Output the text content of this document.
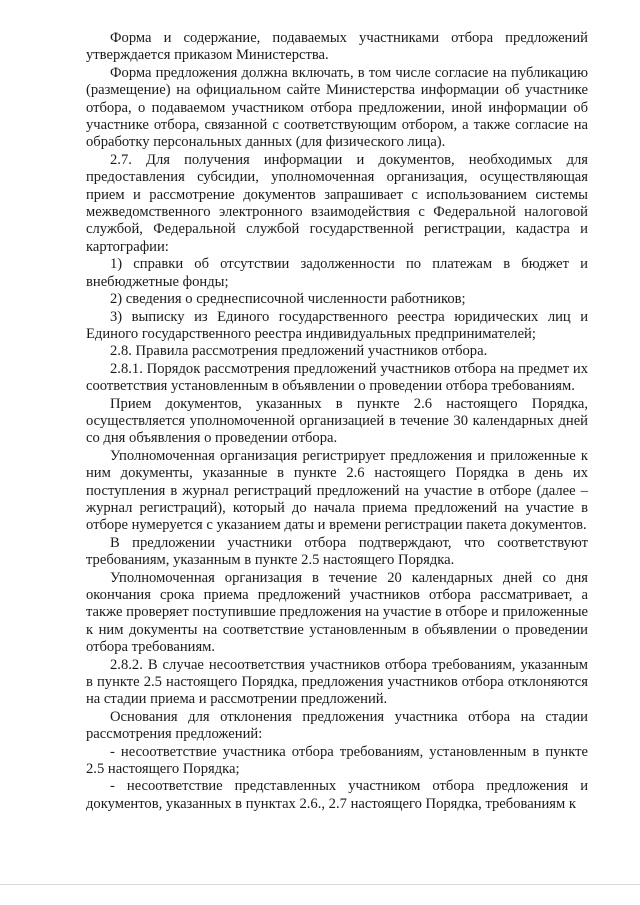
Форма и содержание, подаваемых участниками отбора предложений утверждается приказом Министерства.

Форма предложения должна включать, в том числе согласие на публикацию (размещение) на официальном сайте Министерства информации об участнике отбора, о подаваемом участником отбора предложении, иной информации об участнике отбора, связанной с соответствующим отбором, а также согласие на обработку персональных данных (для физического лица).

2.7. Для получения информации и документов, необходимых для предоставления субсидии, уполномоченная организация, осуществляющая прием и рассмотрение документов запрашивает с использованием системы межведомственного электронного взаимодействия с Федеральной налоговой службой, Федеральной службой государственной регистрации, кадастра и картографии:

1) справки об отсутствии задолженности по платежам в бюджет и внебюджетные фонды;

2) сведения о среднесписочной численности работников;

3) выписку из Единого государственного реестра юридических лиц и Единого государственного реестра индивидуальных предпринимателей;

2.8. Правила рассмотрения предложений участников отбора.

2.8.1. Порядок рассмотрения предложений участников отбора на предмет их соответствия установленным в объявлении о проведении отбора требованиям.

Прием документов, указанных в пункте 2.6 настоящего Порядка, осуществляется уполномоченной организацией в течение 30 календарных дней со дня объявления о проведении отбора.

Уполномоченная организация регистрирует предложения и приложенные к ним документы, указанные в пункте 2.6 настоящего Порядка в день их поступления в журнал регистраций предложений на участие в отборе (далее – журнал регистраций), который до начала приема предложений на участие в отборе нумеруется с указанием даты и времени регистрации пакета документов.

В предложении участники отбора подтверждают, что соответствуют требованиям, указанным в пункте 2.5 настоящего Порядка.

Уполномоченная организация в течение 20 календарных дней со дня окончания срока приема предложений участников отбора рассматривает, а также проверяет поступившие предложения на участие в отборе и приложенные к ним документы на соответствие установленным в объявлении о проведении отбора требованиям.

2.8.2. В случае несоответствия участников отбора требованиям, указанным в пункте 2.5 настоящего Порядка, предложения участников отбора отклоняются на стадии приема и рассмотрении предложений.

Основания для отклонения предложения участника отбора на стадии рассмотрения предложений:

- несоответствие участника отбора требованиям, установленным в пункте 2.5 настоящего Порядка;

- несоответствие представленных участником отбора предложения и документов, указанных в пунктах 2.6., 2.7 настоящего Порядка, требованиям к
